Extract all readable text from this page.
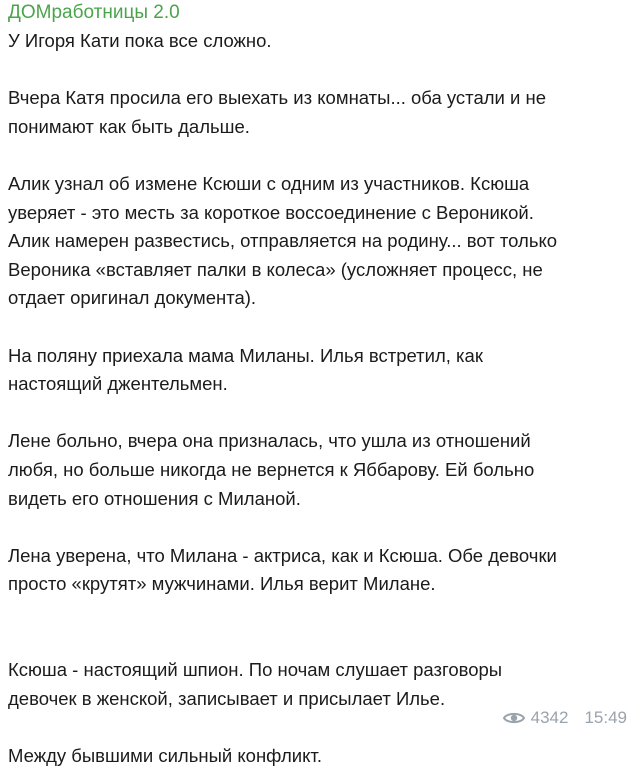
ДОМработницы 2.0

У Игоря Кати пока все сложно.

Вчера Катя просила его выехать из комнаты... оба устали и не
понимают как быть дальше.

Алик узнал об измене Ксюши с одним из участников. Ксюша
уверяет - это месть за короткое воссоединение с Вероникой.
Алик намерен развестись, отправляется на родину... вот только
Вероника «вставляет палки в колеса» (усложняет процесс, не
отдает оригинал документа).

На поляну приехала мама Миланы. Илья встретил, как
настоящий джентельмен.

Лене больно, вчера она призналась, что ушла из отношений
любя, но больше никогда не вернется к Яббарову. Ей больно
видеть его отношения с Миланой.

Лена уверена, что Милана - актриса, как и Ксюша. Обе девочки
просто «крутят» мужчинами. Илья верит Милане.

Ксюша - настоящий шпион. По ночам слушает разговоры
девочек в женской, записывает и присылает Илье.

Между бывшими сильный конфликт.

4342 15:49
